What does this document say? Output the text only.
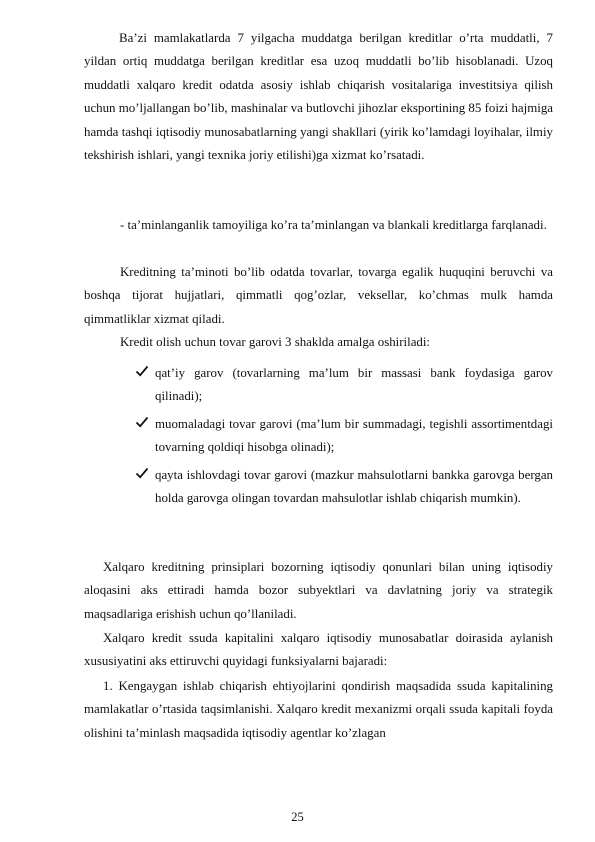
Ba’zi mamlakatlarda 7 yilgacha muddatga berilgan kreditlar o’rta muddatli, 7 yildan ortiq muddatga berilgan kreditlar esa uzoq muddatli bo’lib hisoblanadi. Uzoq muddatli xalqaro kredit odatda asosiy ishlab chiqarish vositalariga investitsiya qilish uchun mo’ljallangan bo’lib, mashinalar va butlovchi jihozlar eksportining 85 foizi hajmiga hamda tashqi iqtisodiy munosabatlarning yangi shakllari (yirik ko’lamdagi loyihalar, ilmiy tekshirish ishlari, yangi texnika joriy etilishi)ga xizmat ko’rsatadi.

- ta’minlanganlik tamoyiliga ko’ra ta’minlangan va blankali kreditlarga farqlanadi.

Kreditning ta’minoti bo’lib odatda tovarlar, tovarga egalik huquqini beruvchi va boshqa tijorat hujjatlari, qimmatli qog’ozlar, veksellar, ko’chmas mulk hamda qimmatliklar xizmat qiladi.

Kredit olish uchun tovar garovi 3 shaklda amalga oshiriladi:

qat’iy garov (tovarlarning ma’lum bir massasi bank foydasiga garov qilinadi);
muomaladagi tovar garovi (ma’lum bir summadagi, tegishli assortimentdagi tovarning qoldiqi hisobga olinadi);
qayta ishlovdagi tovar garovi (mazkur mahsulotlarni bankka garovga bergan holda garovga olingan tovardan mahsulotlar ishlab chiqarish mumkin).

Xalqaro kreditning prinsiplari bozorning iqtisodiy qonunlari bilan uning iqtisodiy aloqasini aks ettiradi hamda bozor subyektlari va davlatning joriy va strategik maqsadlariga erishish uchun qo’llaniladi.

Xalqaro kredit ssuda kapitalini xalqaro iqtisodiy munosabatlar doirasida aylanish xususiyatini aks ettiruvchi quyidagi funksiyalarni bajaradi:

1. Kengaygan ishlab chiqarish ehtiyojlarini qondirish maqsadida ssuda kapitalining mamlakatlar o’rtasida taqsimlanishi. Xalqaro kredit mexanizmi orqali ssuda kapitali foyda olishini ta’minlash maqsadida iqtisodiy agentlar ko’zlagan

25
